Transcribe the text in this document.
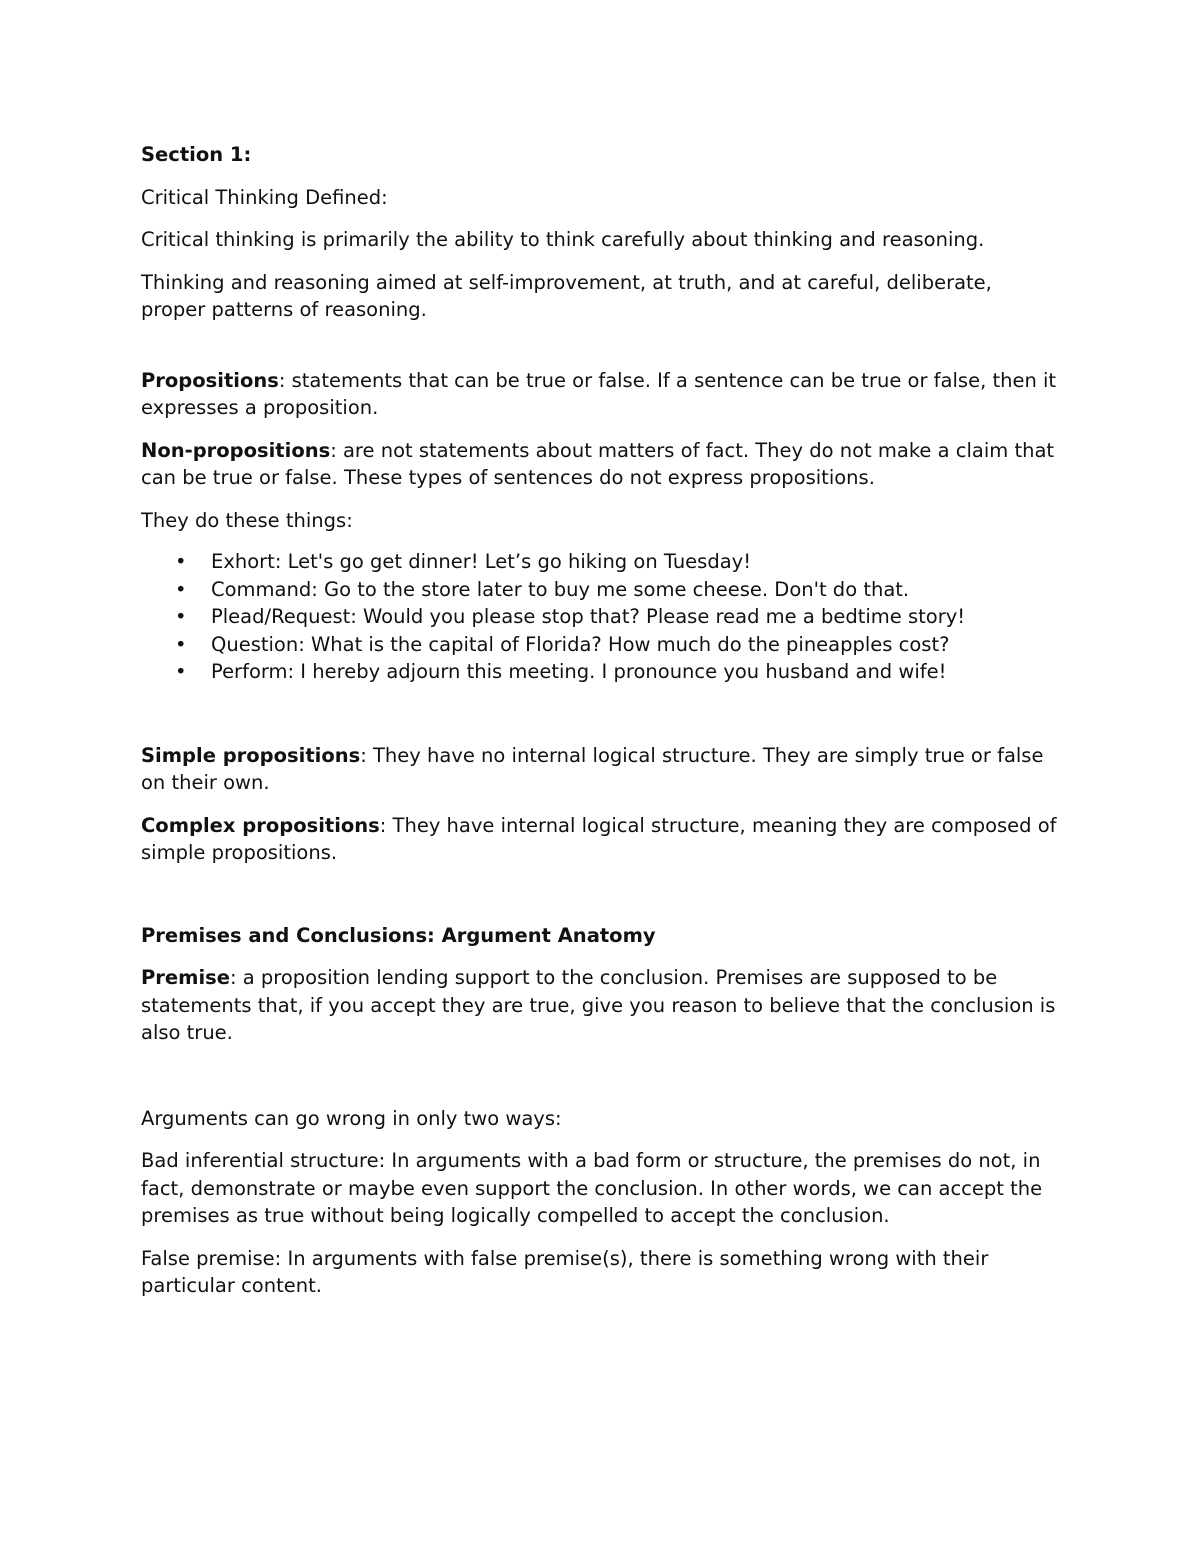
Section 1:

Critical Thinking Defined:

Critical thinking is primarily the ability to think carefully about thinking and reasoning.

Thinking and reasoning aimed at self-improvement, at truth, and at careful, deliberate, proper patterns of reasoning.

Propositions: statements that can be true or false. If a sentence can be true or false, then it expresses a proposition.

Non-propositions: are not statements about matters of fact. They do not make a claim that can be true or false. These types of sentences do not express propositions.

They do these things:

• Exhort: Let's go get dinner! Let’s go hiking on Tuesday!
• Command: Go to the store later to buy me some cheese. Don't do that.
• Plead/Request: Would you please stop that? Please read me a bedtime story!
• Question: What is the capital of Florida? How much do the pineapples cost?
• Perform: I hereby adjourn this meeting. I pronounce you husband and wife!

Simple propositions: They have no internal logical structure. They are simply true or false on their own.

Complex propositions: They have internal logical structure, meaning they are composed of simple propositions.

Premises and Conclusions: Argument Anatomy

Premise: a proposition lending support to the conclusion. Premises are supposed to be statements that, if you accept they are true, give you reason to believe that the conclusion is also true.

Arguments can go wrong in only two ways:

Bad inferential structure: In arguments with a bad form or structure, the premises do not, in fact, demonstrate or maybe even support the conclusion. In other words, we can accept the premises as true without being logically compelled to accept the conclusion.

False premise: In arguments with false premise(s), there is something wrong with their particular content.
